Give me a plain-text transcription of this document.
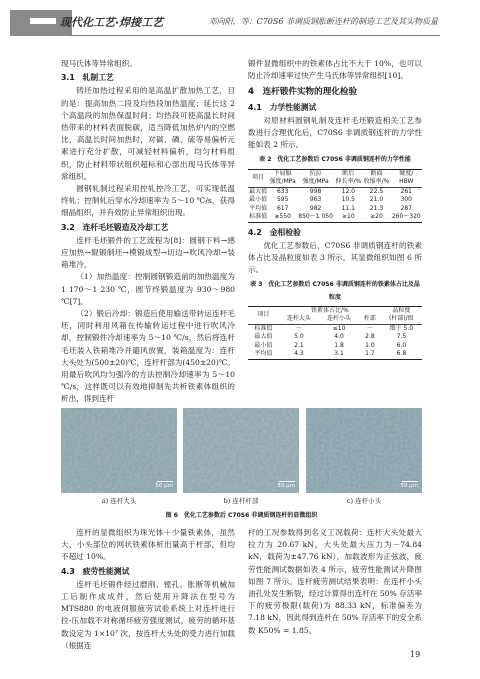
现代化工艺·焊接工艺	邓向阳，等：C70S6 非调质钢胀断连杆的制造工艺及其实物质量

现马氏体等异常组织。

3.1　轧制工艺

铸坯加热过程采用的是高温扩散加热工艺，目的是：提高加热二段及均热段加热温度；延长这 2 个高温段的加热保温时间；均热段可使高温长时间热带来的材料表面脱碳，适当降低加热炉内的空燃比，高温长时间加热时，对碳、磷、硫等易偏析元素进行充分扩散，可减轻材料偏析，均匀材料组织，防止材料带状组织超标和心部出现马氏体等异常组织。

圆钢轧制过程采用控轧控冷工艺，可实现低温终轧；控制轧后穿水冷却速率为 5～10 ℃/s，获得细晶组织，并有效防止异常组织出现。

3.2　连杆毛坯锻造及冷却工艺

连杆毛坯锻件的工艺流程为[8]：圆钢下料→感应加热→辊锻制坯→模锻成型→切边→吹风冷却→装箱堆冷。

（1）加热温度：控制圆钢锻造前的加热温度为 1 170～1 230 ℃，圆节终锻温度为 930～980 ℃[7]。

（2）锻后冷却：锻造后使用输送带转运连杆毛坯，同时利用风箱在传输转运过程中进行吹风冷却，控制锻件冷却速率为 5～10 ℃/s，然后将连杆毛坯装入铁箱堆冷并避风放置，装箱温度为：连杆大头处为(500±20)℃，连杆杆部为(450±20)℃。用最后吹风均匀强冷的方法控制冷却速率为 5～10 ℃/s，这样既可以有效地抑制先共析铁素体组织的析出，得到连杆

锻件显微组织中的铁素体占比不大于 10%，也可以防止冷却速率过快产生马氏体等异常组织[10]。

4　连杆锻件实物的理化检验
4.1　力学性能测试

对原材料圆钢轧制及连杆毛坯锻造相关工艺参数进行合理优化后，C70S6 非调质钢连杆的力学性能如表 2 所示。

表 2　优化工艺参数后 C70S6 非调质钢连杆的力学性能
项目	下屈服	抗拉	断后	断面	硬度/
	强度/MPa	强度/MPa	伸长率/%	收缩率/%	HBW
最大值	633	998	12.0	22.5	261
最小值	595	963	10.5	21.0	300
平均值	617	982	11.1	21.3	287
标准值	≥550	850～1 050	≥10	≥20	260～320
4.2　金相检验

优化工艺参数后，C70S6 非调质钢连杆的铁素体占比及晶粒度如表 3 所示，其显微组织如图 6 所示。

表 3　优化工艺参数后 C70S6 非调质钢连杆的铁素体占比及晶粒度
项目	铁素体占比/%			晶粒度
	连杆大头	连杆小头	杆部	(杆部)/级
标准值	－	≤10	－	细于 5.0
最大值	5.0	4.0	2.8	7.5
最小值	2.1	1.8	1.0	6.0
平均值	4.3	3.1	1.7	6.8
50 μm	50 μm	50 μm
a) 连杆大头	b) 连杆杆部	c) 连杆小头
图 6　优化工艺参数后 C70S6 非调质钢连杆的显微组织

连杆的显微组织为珠光体＋少量铁素体，虽然大、小头部位的网状铁素体析出量高于杆部，但均不超过 10%。

4.3　疲劳性能测试

连杆毛坯锻件经过磨削、镗孔、胀断等机械加工后制作成成件，然后使用升降法在型号为 MTS880 的电液伺服疲劳试验系统上对连杆进行拉-压加载不对称循环疲劳强度测试，疲劳的循环基数设定为 1×10⁷ 次，按连杆大头处的受力进行加载（根据连

杆的工况参数得到名义工况载荷：连杆大头处最大拉力为 20.67 kN，大头处最大压力为－74.84 kN，载荷为±47.76 kN），加载波形为正弦波，疲劳性能测试数据如表 4 所示，疲劳性能测试升降图如图 7 所示。连杆疲劳测试结果表明：在连杆小头油孔处发生断裂，经过计算得出连杆在 50% 存活率下的疲劳极限(载荷)为 88.33 kN，标准偏差为 7.18 kN，因此得到连杆在 50% 存活率下的安全系数 K50% = 1.85。

19
